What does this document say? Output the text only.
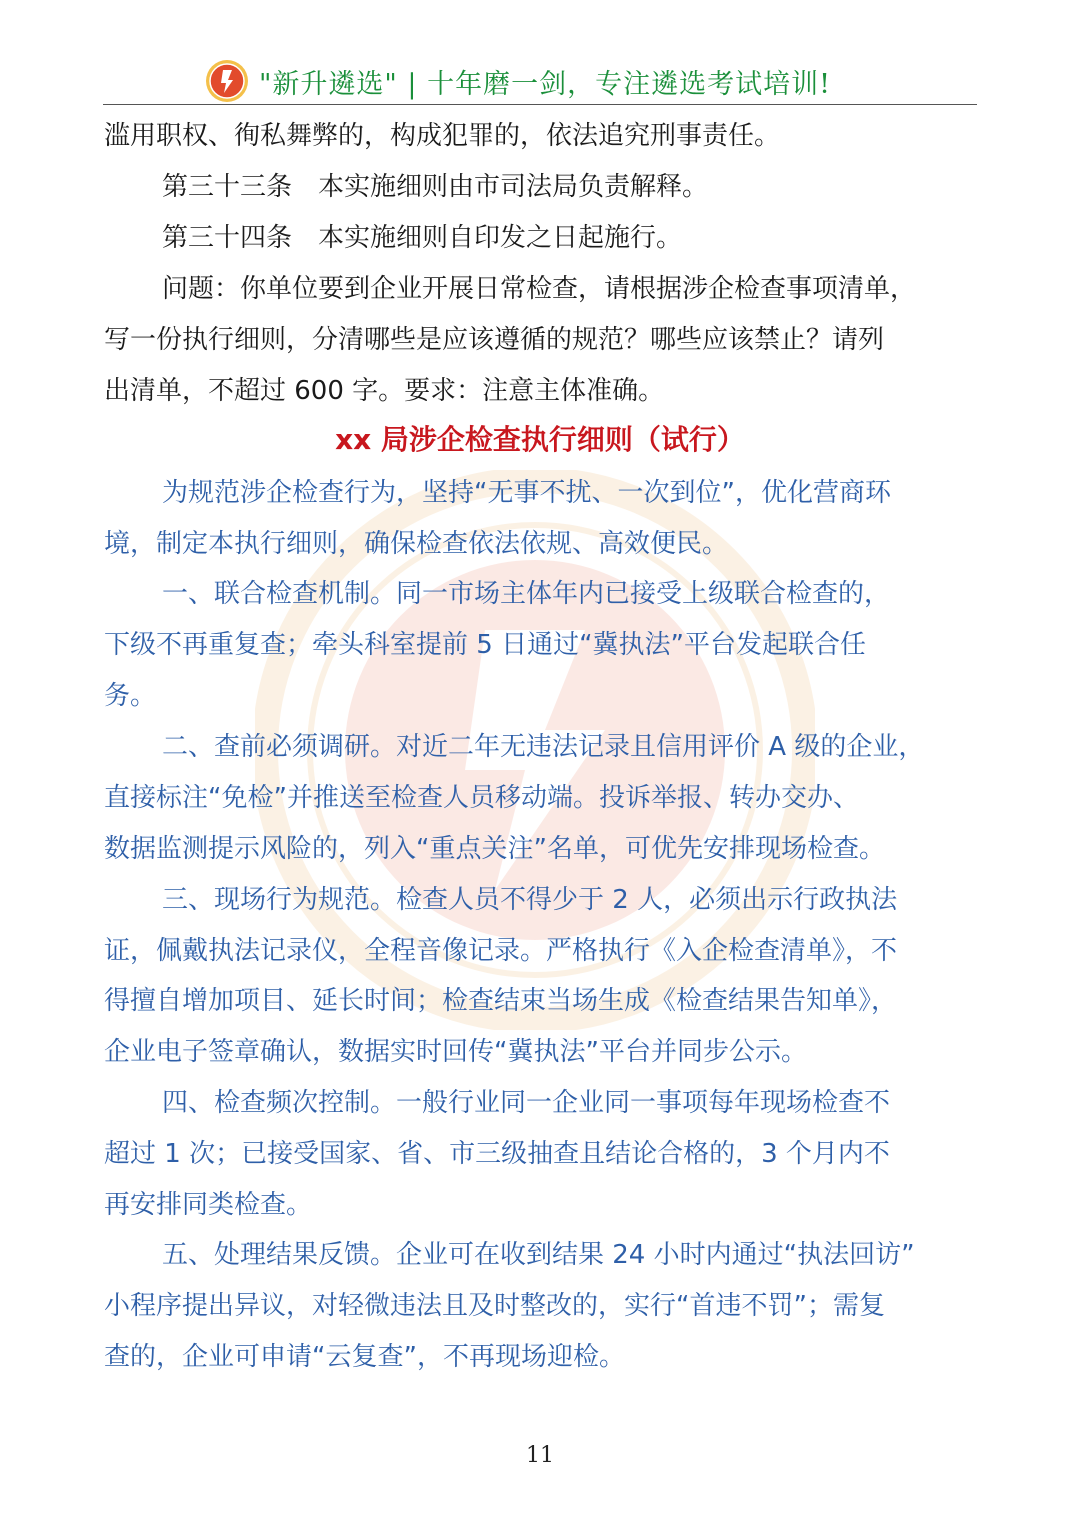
"新升遴选" | 十年磨一剑，专注遴选考试培训!
滥用职权、徇私舞弊的，构成犯罪的，依法追究刑事责任。
第三十三条　本实施细则由市司法局负责解释。
第三十四条　本实施细则自印发之日起施行。
问题：你单位要到企业开展日常检查，请根据涉企检查事项清单，
写一份执行细则，分清哪些是应该遵循的规范？哪些应该禁止？请列
出清单，不超过 600 字。要求：注意主体准确。
xx 局涉企检查执行细则（试行）
为规范涉企检查行为，坚持“无事不扰、一次到位”，优化营商环
境，制定本执行细则，确保检查依法依规、高效便民。
一、联合检查机制。同一市场主体年内已接受上级联合检查的，
下级不再重复查；牵头科室提前 5 日通过“冀执法”平台发起联合任
务。
二、查前必须调研。对近二年无违法记录且信用评价 A 级的企业，
直接标注“免检”并推送至检查人员移动端。投诉举报、转办交办、
数据监测提示风险的，列入“重点关注”名单，可优先安排现场检查。
三、现场行为规范。检查人员不得少于 2 人，必须出示行政执法
证，佩戴执法记录仪，全程音像记录。严格执行《入企检查清单》，不
得擅自增加项目、延长时间；检查结束当场生成《检查结果告知单》，
企业电子签章确认，数据实时回传“冀执法”平台并同步公示。
四、检查频次控制。一般行业同一企业同一事项每年现场检查不
超过 1 次；已接受国家、省、市三级抽查且结论合格的，3 个月内不
再安排同类检查。
五、处理结果反馈。企业可在收到结果 24 小时内通过“执法回访”
小程序提出异议，对轻微违法且及时整改的，实行“首违不罚”；需复
查的，企业可申请“云复查”，不再现场迎检。
11
